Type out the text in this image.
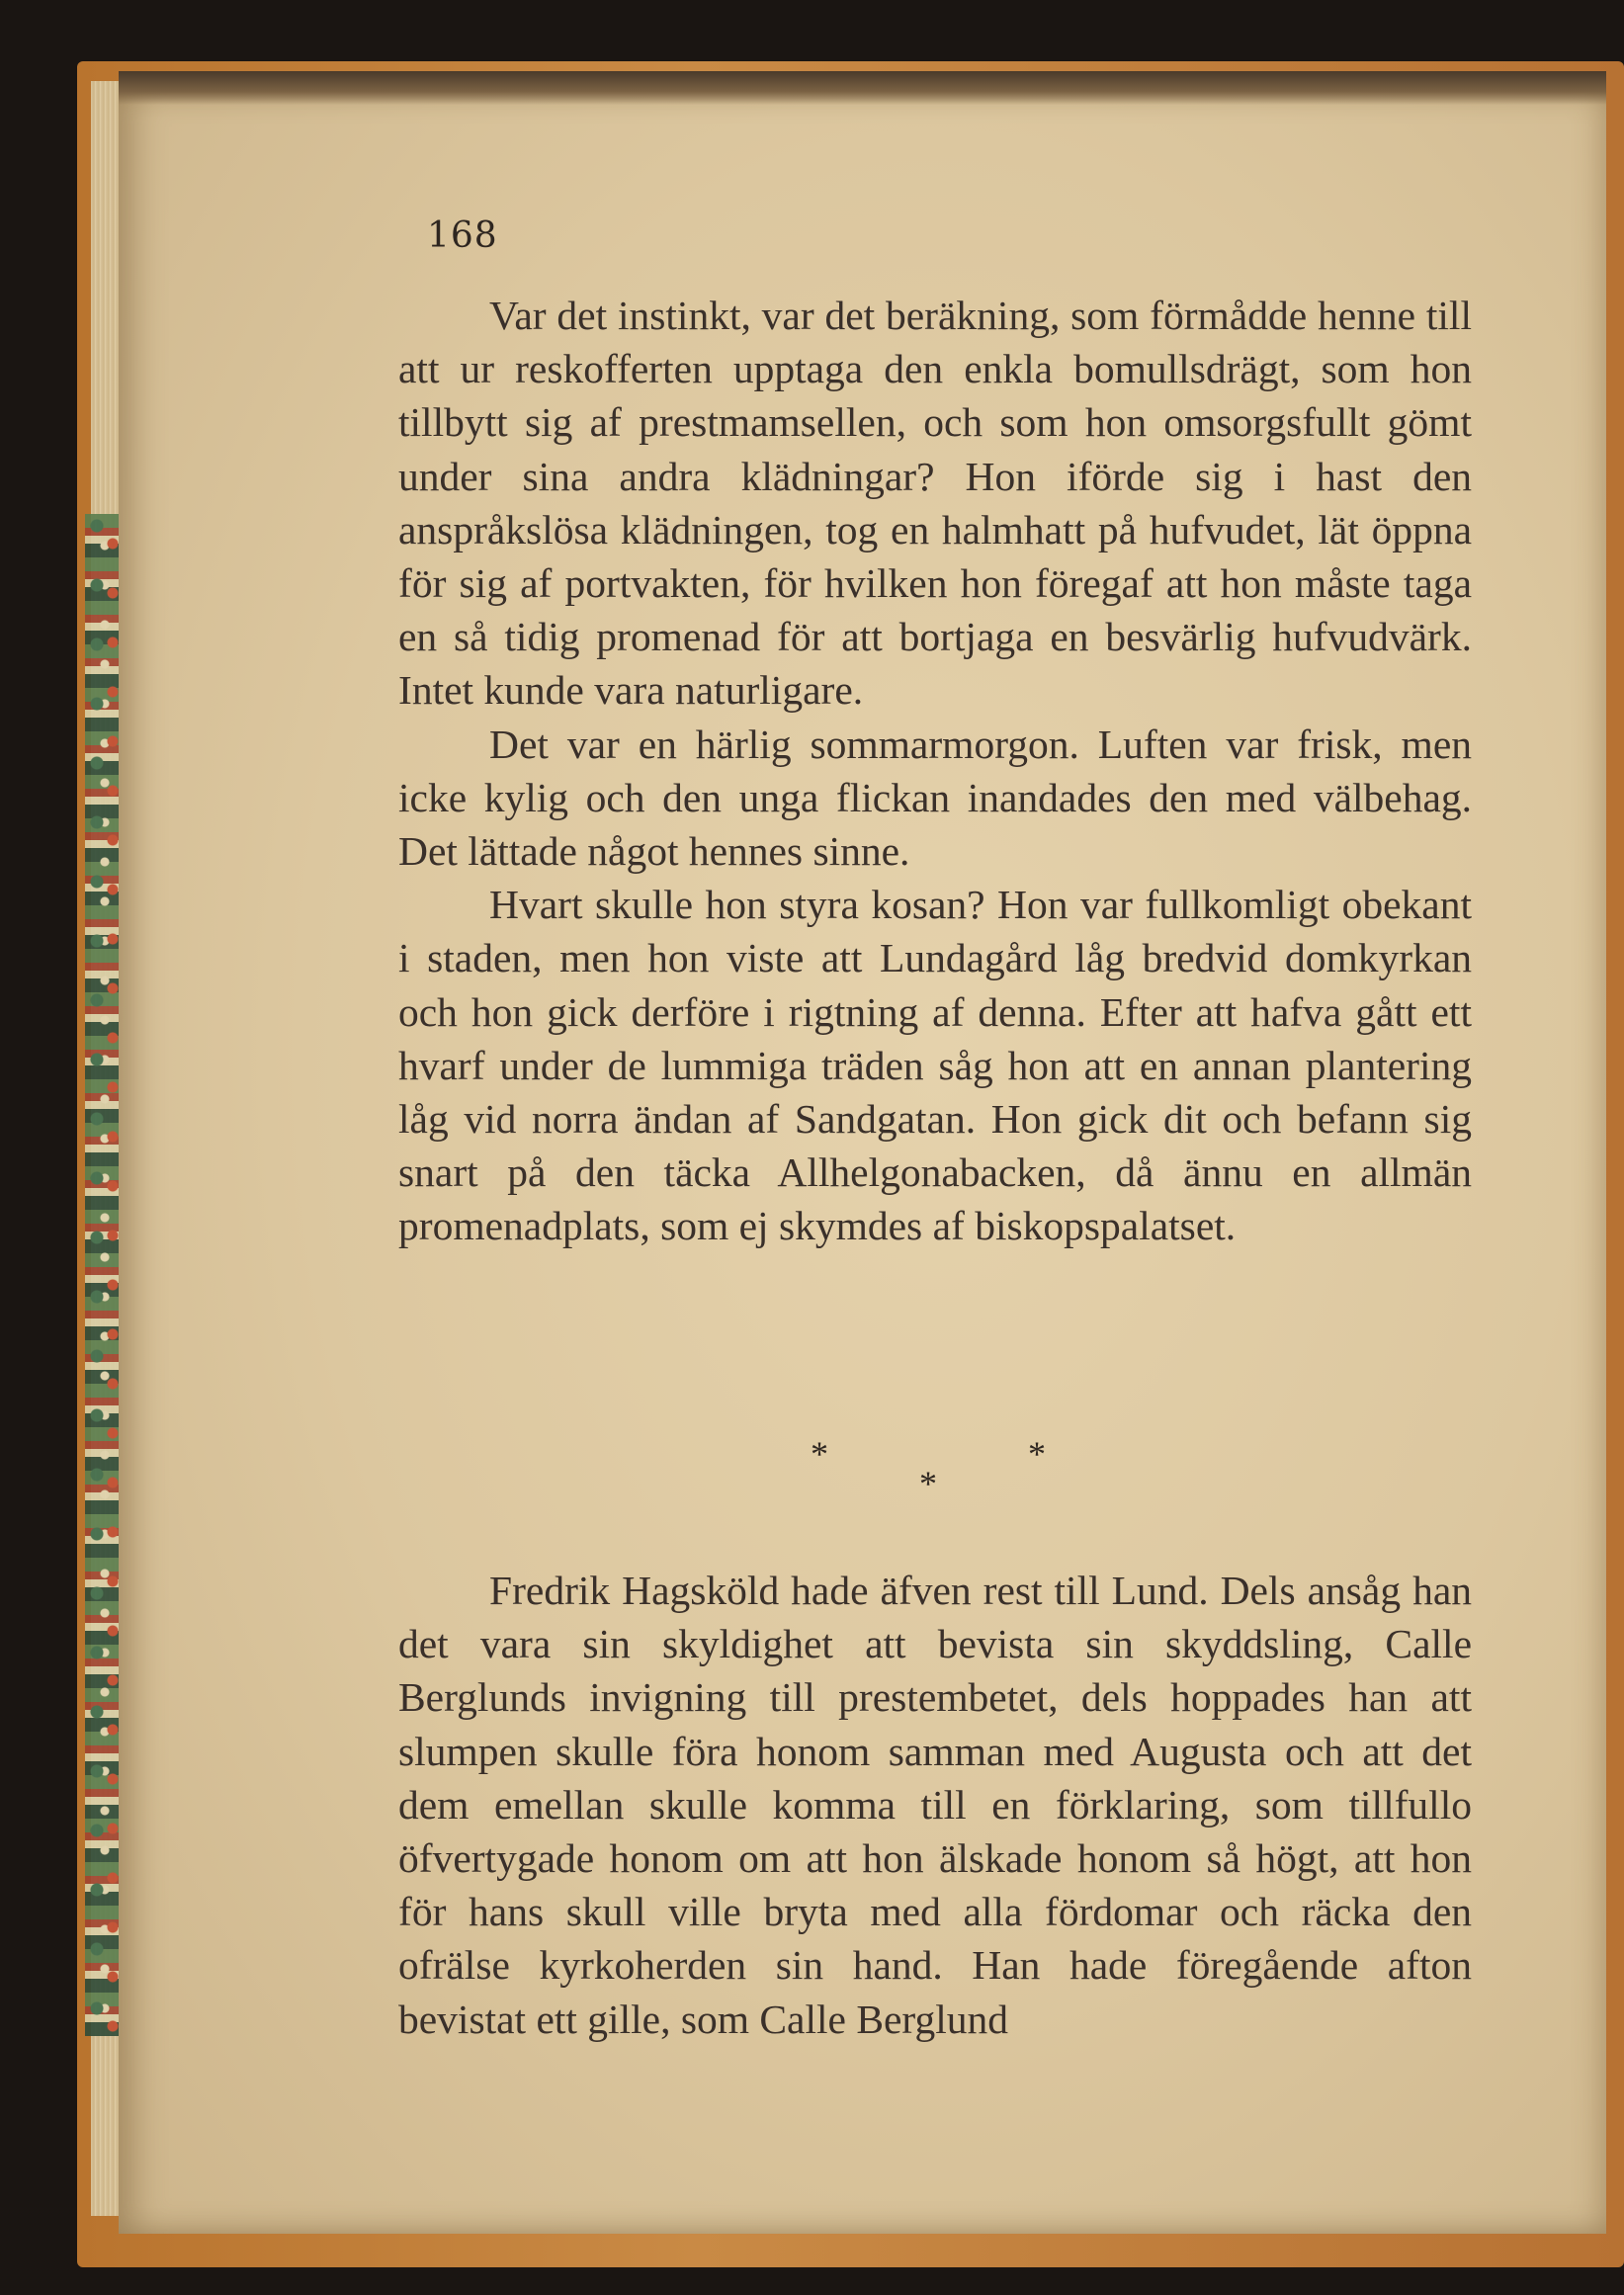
168

Var det instinkt, var det beräkning, som förmådde henne till att ur reskofferten upptaga den enkla bomullsdrägt, som hon tillbytt sig af prestmamsellen, och som hon omsorgsfullt gömt under sina andra klädningar? Hon iförde sig i hast den anspråkslösa klädningen, tog en halmhatt på hufvudet, lät öppna för sig af portvakten, för hvilken hon föregaf att hon måste taga en så tidig promenad för att bortjaga en besvärlig hufvudvärk. Intet kunde vara naturligare.

Det var en härlig sommarmorgon. Luften var frisk, men icke kylig och den unga flickan inandades den med välbehag. Det lättade något hennes sinne.

Hvart skulle hon styra kosan? Hon var fullkomligt obekant i staden, men hon viste att Lundagård låg bredvid domkyrkan och hon gick derföre i rigtning af denna. Efter att hafva gått ett hvarf under de lummiga träden såg hon att en annan plantering låg vid norra ändan af Sandgatan. Hon gick dit och befann sig snart på den täcka Allhelgonabacken, då ännu en allmän promenadplats, som ej skymdes af biskopspalatset.

*	*
*

Fredrik Hagsköld hade äfven rest till Lund. Dels ansåg han det vara sin skyldighet att bevista sin skyddsling, Calle Berglunds invigning till prestembetet, dels hoppades han att slumpen skulle föra honom samman med Augusta och att det dem emellan skulle komma till en förklaring, som tillfullo öfvertygade honom om att hon älskade honom så högt, att hon för hans skull ville bryta med alla fördomar och räcka den ofrälse kyrkoherden sin hand. Han hade föregående afton bevistat ett gille, som Calle Berglund
